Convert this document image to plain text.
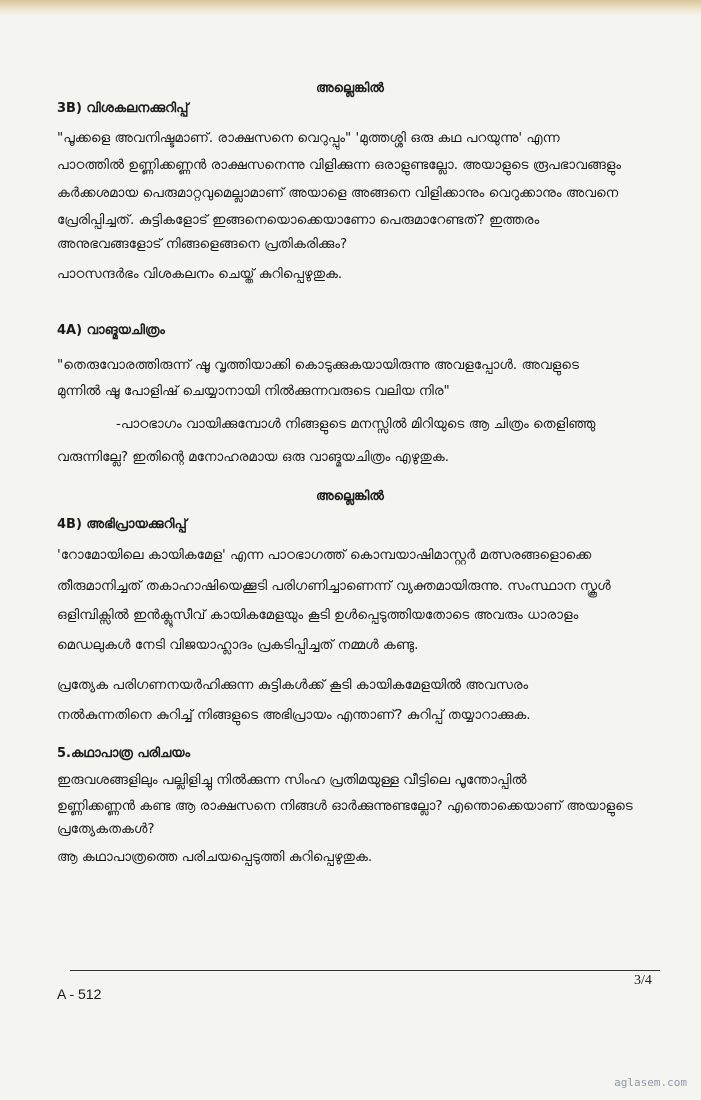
അല്ലെങ്കിൽ
3B) വിശകലനക്കുറിപ്പ്
"പൂക്കളെ അവനിഷ്ടമാണ്. രാക്ഷസനെ വെറുപ്പും" 'മുത്തശ്ശി ഒരു കഥ പറയുന്നു' എന്ന
പാഠത്തിൽ ഉണ്ണിക്കണ്ണൻ രാക്ഷസനെന്നു വിളിക്കുന്ന ഒരാളുണ്ടല്ലോ. അയാളുടെ രൂപഭാവങ്ങളും
കർക്കശമായ പെരുമാറ്റവുമെല്ലാമാണ് അയാളെ അങ്ങനെ വിളിക്കാനും വെറുക്കാനും അവനെ
പ്രേരിപ്പിച്ചത്. കുട്ടികളോട് ഇങ്ങനെയൊക്കെയാണോ പെരുമാറേണ്ടത്? ഇത്തരം
അനുഭവങ്ങളോട് നിങ്ങളെങ്ങനെ പ്രതികരിക്കും?
പാഠസന്ദർഭം വിശകലനം ചെയ്ത് കുറിപ്പെഴുതുക.
4A) വാങ്മയചിത്രം
"തെരുവോരത്തിരുന്ന് ഷൂ വൃത്തിയാക്കി കൊടുക്കുകയായിരുന്നു അവളപ്പോൾ. അവളുടെ
മുന്നിൽ ഷൂ പോളിഷ് ചെയ്യാനായി നിൽക്കുന്നവരുടെ വലിയ നിര"
-പാഠഭാഗം വായിക്കുമ്പോൾ നിങ്ങളുടെ മനസ്സിൽ മിറിയുടെ ആ ചിത്രം തെളിഞ്ഞു
വരുന്നില്ലേ? ഇതിന്റെ മനോഹരമായ ഒരു വാങ്മയചിത്രം എഴുതുക.
അല്ലെങ്കിൽ
4B) അഭിപ്രായക്കുറിപ്പ്
'റോമോയിലെ കായികമേള' എന്ന പാഠഭാഗത്ത് കൊമ്പയാഷിമാസ്റ്റർ മത്സരങ്ങളൊക്കെ
തീരുമാനിച്ചത് തകാഹാഷിയെക്കൂടി പരിഗണിച്ചാണെന്ന് വ്യക്തമായിരുന്നു. സംസ്ഥാന സ്കൂൾ
ഒളിമ്പിക്സിൽ ഇൻക്ലൂസീവ് കായികമേളയും കൂടി ഉൾപ്പെടുത്തിയതോടെ അവരും ധാരാളം
മെഡലുകൾ നേടി വിജയാഹ്ലാദം പ്രകടിപ്പിച്ചത് നമ്മൾ കണ്ടു.
പ്രത്യേക പരിഗണനയർഹിക്കുന്ന കുട്ടികൾക്ക് കൂടി കായികമേളയിൽ അവസരം
നൽകുന്നതിനെ കുറിച്ച് നിങ്ങളുടെ അഭിപ്രായം എന്താണ്? കുറിപ്പ് തയ്യാറാക്കുക.
5.കഥാപാത്ര പരിചയം
ഇരുവശങ്ങളിലും പല്ലിളിച്ചു നിൽക്കുന്ന സിംഹ പ്രതിമയുള്ള വീട്ടിലെ പൂന്തോപ്പിൽ
ഉണ്ണിക്കണ്ണൻ കണ്ട ആ രാക്ഷസനെ നിങ്ങൾ ഓർക്കുന്നുണ്ടല്ലോ? എന്തൊക്കെയാണ് അയാളുടെ
പ്രത്യേകതകൾ?
ആ കഥാപാത്രത്തെ പരിചയപ്പെടുത്തി കുറിപ്പെഴുതുക.
3/4
A - 512
aglasem.com
